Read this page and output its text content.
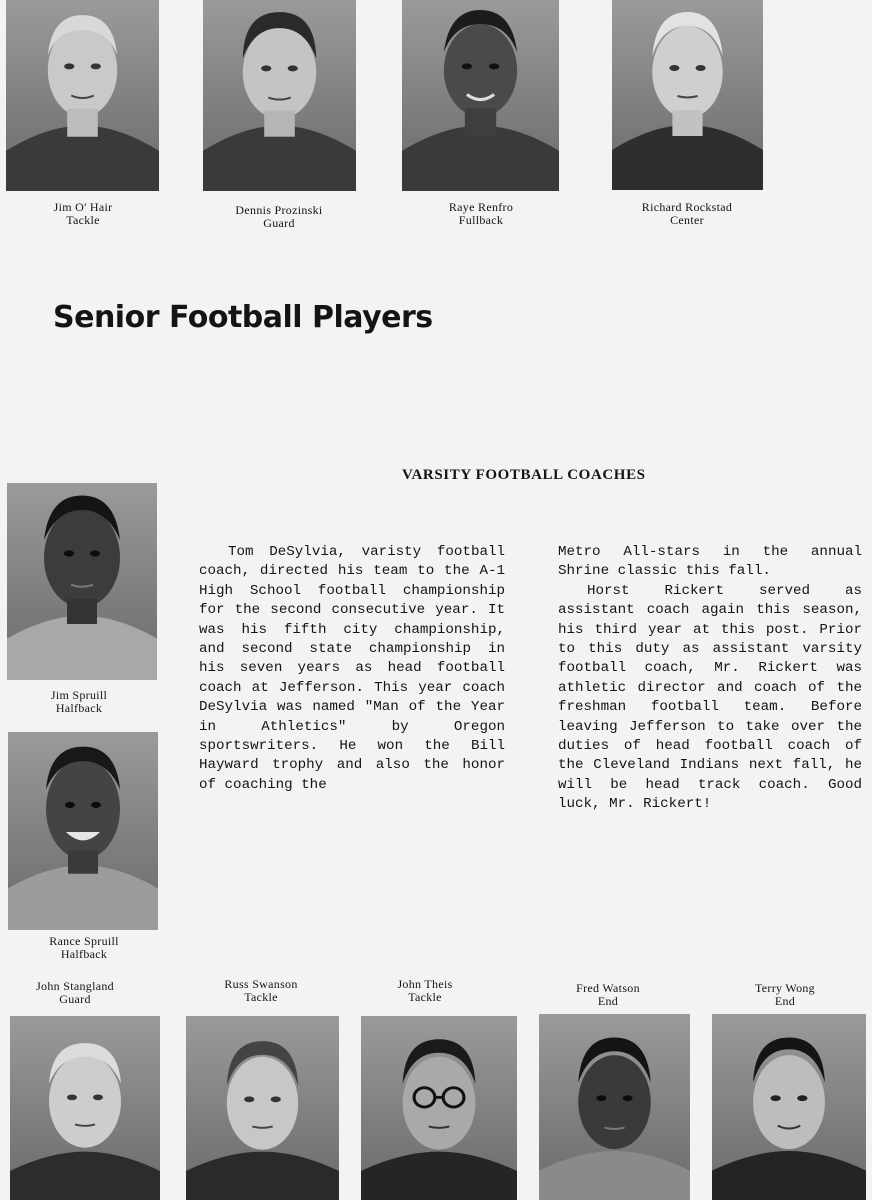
Jim O' Hair
Tackle
Dennis Prozinski
Guard
Raye Renfro
Fullback
Richard Rockstad
Center
Senior Football Players
VARSITY FOOTBALL COACHES
Jim Spruill
Halfback
Rance Spruill
Halfback

Tom DeSylvia, varisty football coach, directed his team to the A-1 High School football championship for the second consecutive year. It was his fifth city championship, and second state championship in his seven years as head football coach at Jefferson. This year coach DeSylvia was named "Man of the Year in Athletics" by Oregon sportswriters. He won the Bill Hayward trophy and also the honor of coaching the

Metro All-stars in the annual Shrine classic this fall.

Horst Rickert served as assistant coach again this season, his third year at this post. Prior to this duty as assistant varsity football coach, Mr. Rickert was athletic director and coach of the freshman football team. Before leaving Jefferson to take over the duties of head football coach of the Cleveland Indians next fall, he will be head track coach. Good luck, Mr. Rickert!

John Stangland
Guard
Russ Swanson
Tackle
John Theis
Tackle
Fred Watson
End
Terry Wong
End
